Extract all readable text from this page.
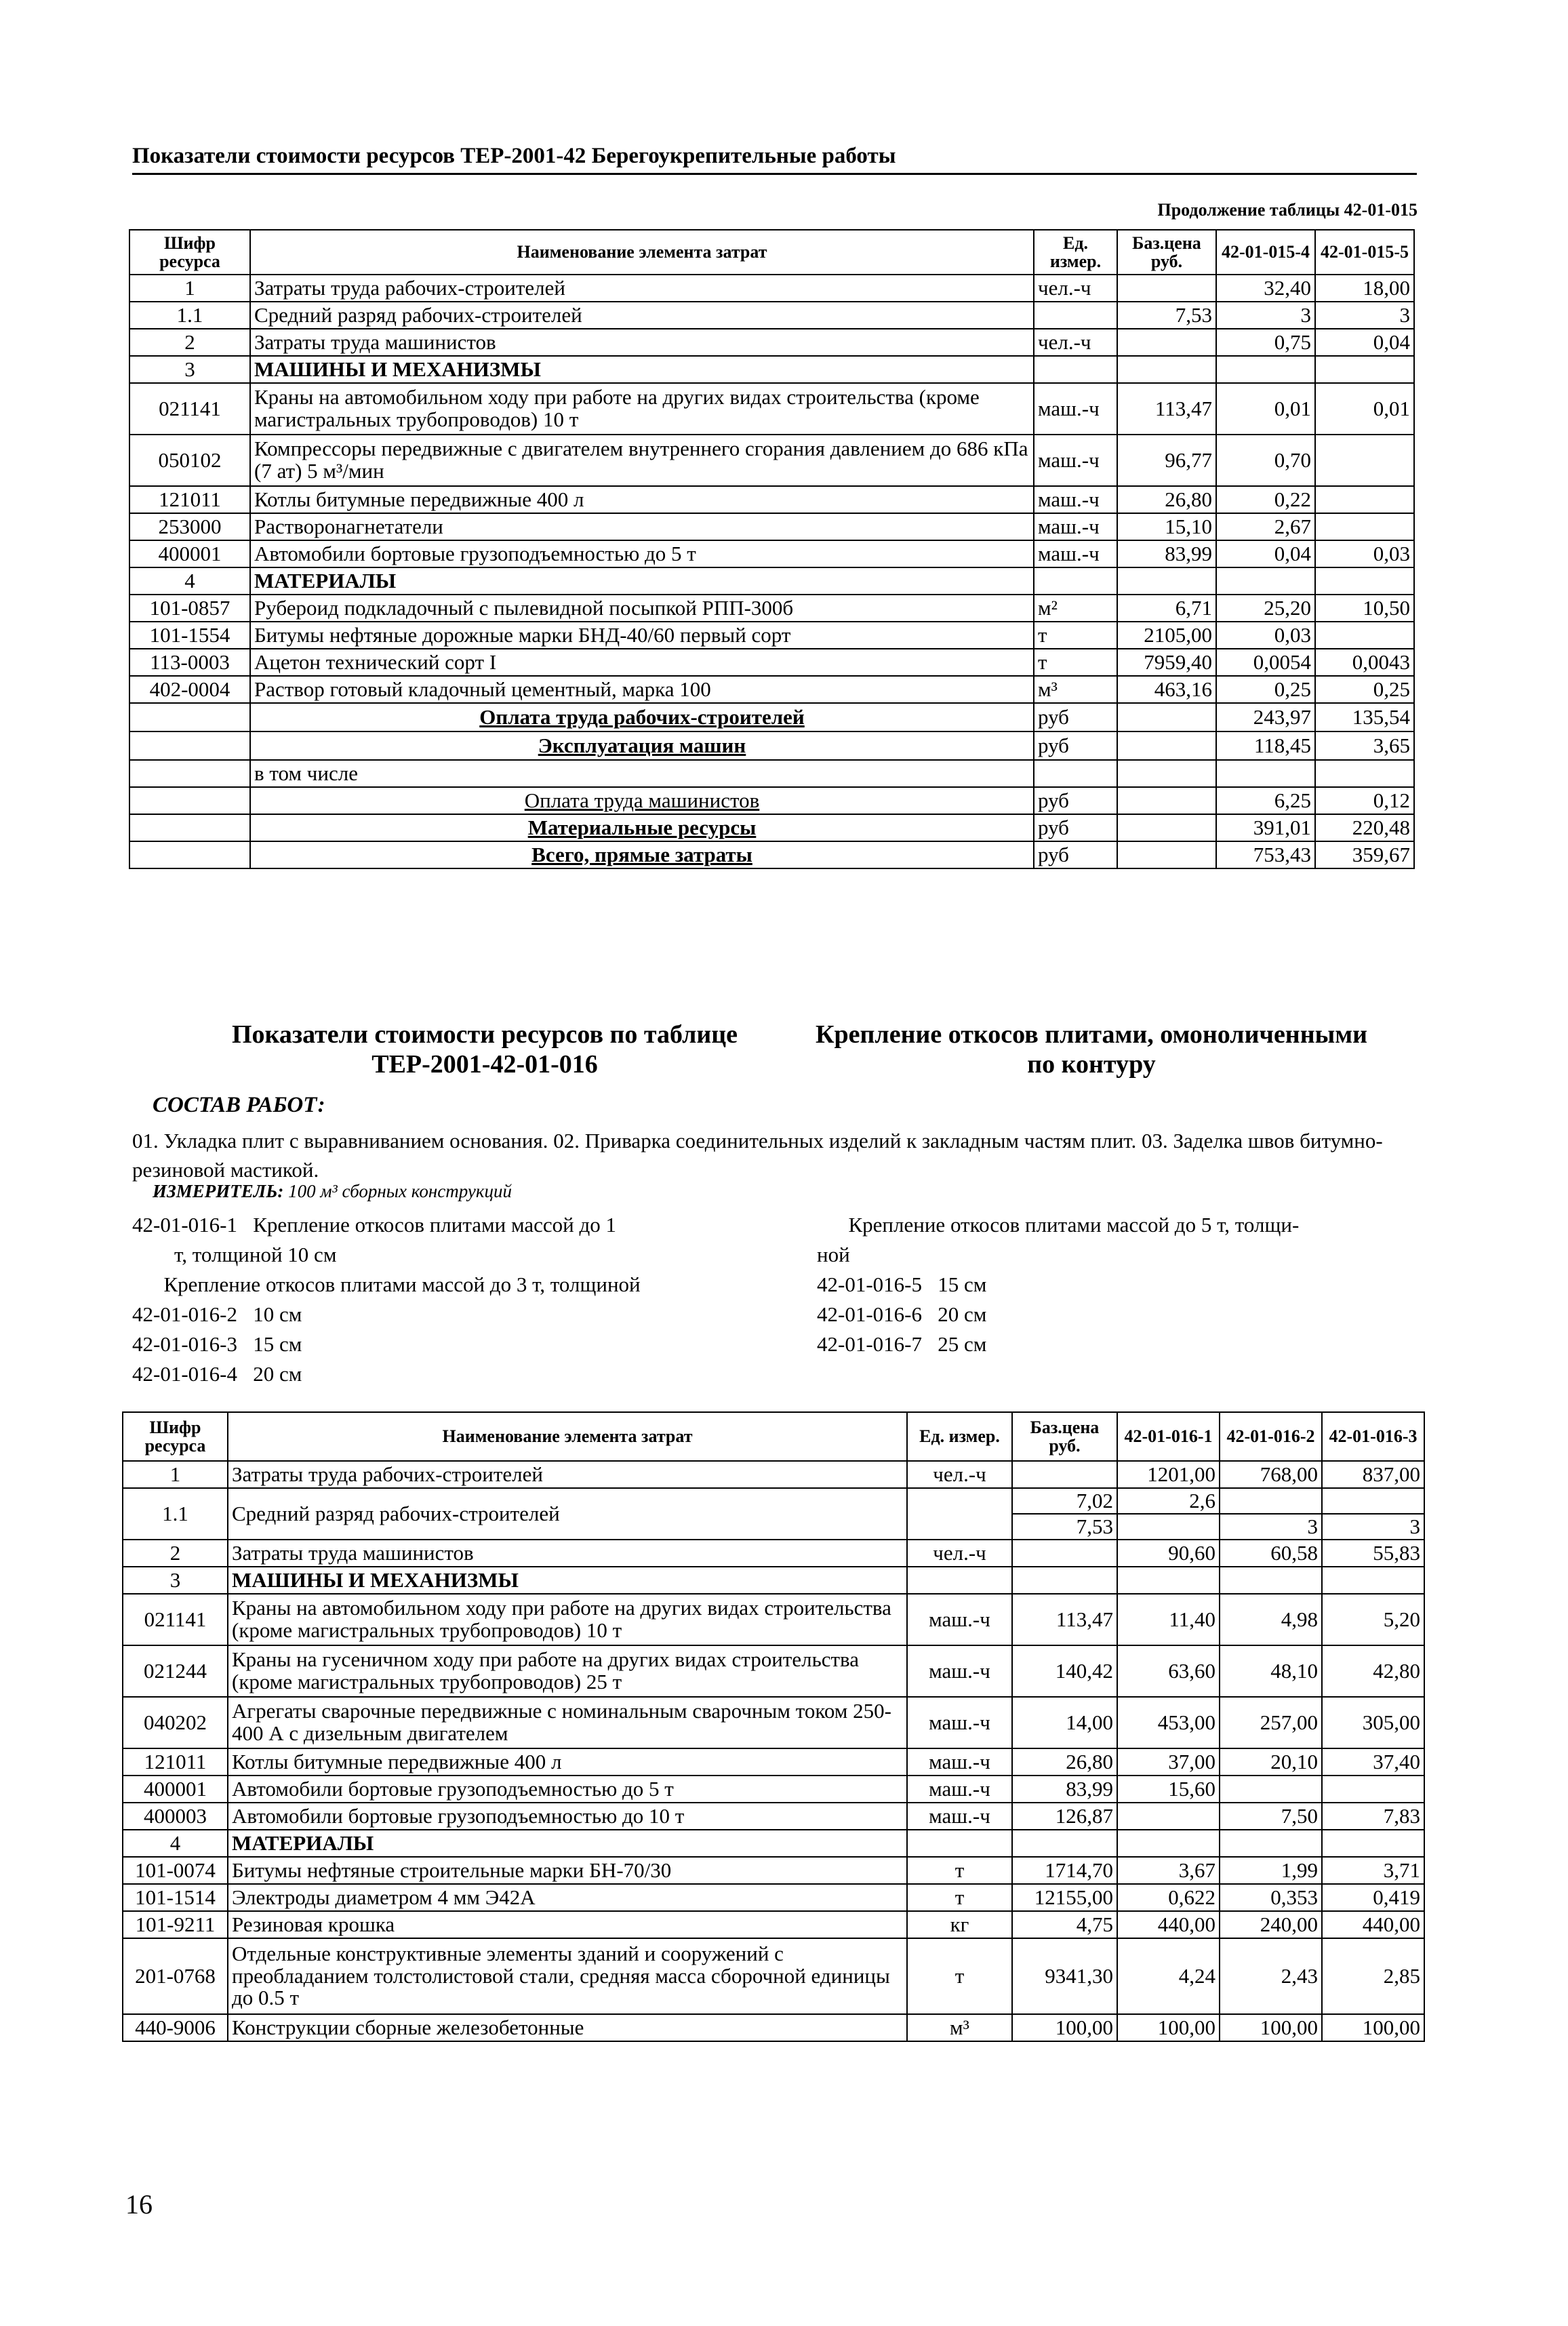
Показатели стоимости ресурсов ТЕР-2001-42 Берегоукрепительные работы
Продолжение таблицы 42-01-015
Шифр ресурса	Наименование элемента затрат	Ед. измер.	Баз.цена руб.	42-01-015-4	42-01-015-5
1	Затраты труда рабочих-строителей	чел.-ч		32,40	18,00
1.1	Средний разряд рабочих-строителей		7,53	3	3
2	Затраты труда машинистов	чел.-ч		0,75	0,04
3	МАШИНЫ И МЕХАНИЗМЫ				
021141	Краны на автомобильном ходу при работе на других видах строительства (кроме магистральных трубопроводов) 10 т	маш.-ч	113,47	0,01	0,01
050102	Компрессоры передвижные с двигателем внутреннего сгорания давлением до 686 кПа (7 ат) 5 м³/мин	маш.-ч	96,77	0,70	
121011	Котлы битумные передвижные 400 л	маш.-ч	26,80	0,22	
253000	Растворонагнетатели	маш.-ч	15,10	2,67	
400001	Автомобили бортовые грузоподъемностью до 5 т	маш.-ч	83,99	0,04	0,03
4	МАТЕРИАЛЫ				
101-0857	Рубероид подкладочный с пылевидной посыпкой РПП-300б	м²	6,71	25,20	10,50
101-1554	Битумы нефтяные дорожные марки БНД-40/60 первый сорт	т	2105,00	0,03	
113-0003	Ацетон технический сорт I	т	7959,40	0,0054	0,0043
402-0004	Раствор готовый кладочный цементный, марка 100	м³	463,16	0,25	0,25
	Оплата труда рабочих-строителей	руб		243,97	135,54
	Эксплуатация машин	руб		118,45	3,65
	в том числе				
	Оплата труда машинистов	руб		6,25	0,12
	Материальные ресурсы	руб		391,01	220,48
	Всего, прямые затраты	руб		753,43	359,67
Показатели стоимости ресурсов по таблице ТЕР-2001-42-01-016
Крепление откосов плитами, омоноличенными по контуру
СОСТАВ РАБОТ:
01. Укладка плит с выравниванием основания. 02. Приварка соединительных изделий к закладным частям плит. 03. Заделка швов битумно-резиновой мастикой.
ИЗМЕРИТЕЛЬ: 100 м³ сборных конструкций
42-01-016-1   Крепление откосов плитами массой до 1
т, толщиной 10 см
Крепление откосов плитами массой до 3 т, толщиной
42-01-016-2   10 см
42-01-016-3   15 см
42-01-016-4   20 см
Крепление откосов плитами массой до 5 т, толщи-
ной
42-01-016-5   15 см
42-01-016-6   20 см
42-01-016-7   25 см
Шифр ресурса	Наименование элемента затрат	Ед. измер.	Баз.цена руб.	42-01-016-1	42-01-016-2	42-01-016-3
1	Затраты труда рабочих-строителей	чел.-ч		1201,00	768,00	837,00
1.1	Средний разряд рабочих-строителей		7,02	2,6		
			7,53		3	3
2	Затраты труда машинистов	чел.-ч		90,60	60,58	55,83
3	МАШИНЫ И МЕХАНИЗМЫ					
021141	Краны на автомобильном ходу при работе на других видах строительства (кроме магистральных трубопроводов) 10 т	маш.-ч	113,47	11,40	4,98	5,20
021244	Краны на гусеничном ходу при работе на других видах строительства (кроме магистральных трубопроводов) 25 т	маш.-ч	140,42	63,60	48,10	42,80
040202	Агрегаты сварочные передвижные с номинальным сварочным током 250-400 А с дизельным двигателем	маш.-ч	14,00	453,00	257,00	305,00
121011	Котлы битумные передвижные 400 л	маш.-ч	26,80	37,00	20,10	37,40
400001	Автомобили бортовые грузоподъемностью до 5 т	маш.-ч	83,99	15,60		
400003	Автомобили бортовые грузоподъемностью до 10 т	маш.-ч	126,87		7,50	7,83
4	МАТЕРИАЛЫ					
101-0074	Битумы нефтяные строительные марки БН-70/30	т	1714,70	3,67	1,99	3,71
101-1514	Электроды диаметром 4 мм Э42А	т	12155,00	0,622	0,353	0,419
101-9211	Резиновая крошка	кг	4,75	440,00	240,00	440,00
201-0768	Отдельные конструктивные элементы зданий и сооружений с преобладанием толстолистовой стали, средняя масса сборочной единицы до 0.5 т	т	9341,30	4,24	2,43	2,85
440-9006	Конструкции сборные железобетонные	м³	100,00	100,00	100,00	100,00
16
